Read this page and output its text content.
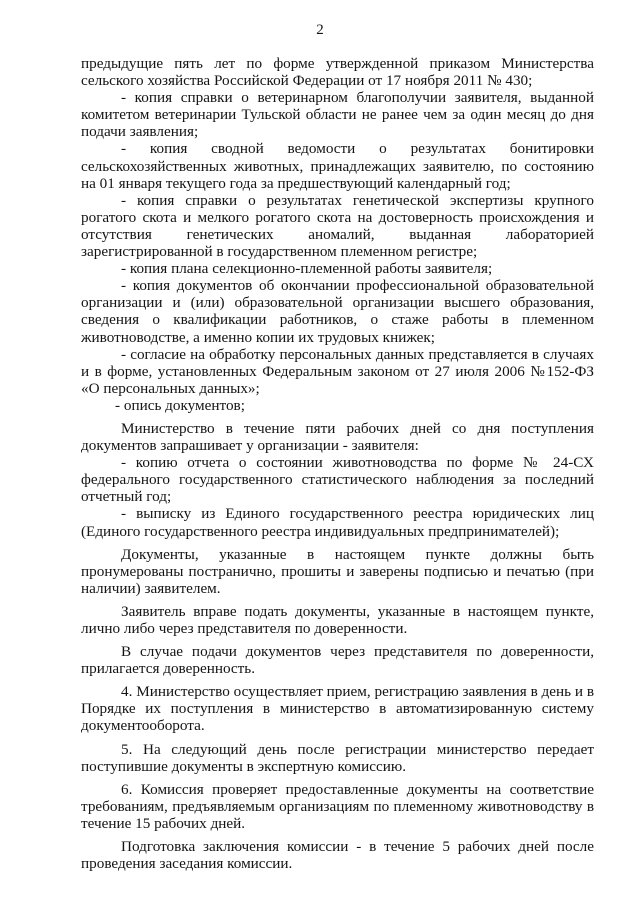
2

предыдущие пять лет по форме утвержденной приказом Министерства сельского хозяйства Российской Федерации от 17 ноября 2011 № 430;

- копия справки о ветеринарном благополучии заявителя, выданной комитетом ветеринарии Тульской области не ранее чем за один месяц до дня подачи заявления;

- копия сводной ведомости о результатах бонитировки сельскохозяйственных животных, принадлежащих заявителю, по состоянию на 01 января текущего года за предшествующий календарный год;

- копия справки о результатах генетической экспертизы крупного рогатого скота и мелкого рогатого скота на достоверность происхождения и отсутствия генетических аномалий, выданная лабораторией зарегистрированной в государственном племенном регистре;

- копия плана селекционно-племенной работы заявителя;

- копия документов об окончании профессиональной образовательной организации и (или) образовательной организации высшего образования, сведения о квалификации работников, о стаже работы в племенном животноводстве, а именно копии их трудовых книжек;

- согласие на обработку персональных данных представляется в случаях и в форме, установленных Федеральным законом от 27 июля 2006 №152-ФЗ «О персональных данных»;

- опись документов;

Министерство в течение пяти рабочих дней со дня поступления документов запрашивает у организации - заявителя:

- копию отчета о состоянии животноводства по форме № 24-СХ федерального государственного статистического наблюдения за последний отчетный год;

- выписку из Единого государственного реестра юридических лиц (Единого государственного реестра индивидуальных предпринимателей);

Документы, указанные в настоящем пункте должны быть пронумерованы постранично, прошиты и заверены подписью и печатью (при наличии) заявителем.

Заявитель вправе подать документы, указанные в настоящем пункте, лично либо через представителя по доверенности.

В случае подачи документов через представителя по доверенности, прилагается доверенность.

4. Министерство осуществляет прием, регистрацию заявления в день и в Порядке их поступления в министерство в автоматизированную систему документооборота.

5. На следующий день после регистрации министерство передает поступившие документы в экспертную комиссию.

6. Комиссия проверяет предоставленные документы на соответствие требованиям, предъявляемым организациям по племенному животноводству в течение 15 рабочих дней.

Подготовка заключения комиссии - в течение 5 рабочих дней после проведения заседания комиссии.
